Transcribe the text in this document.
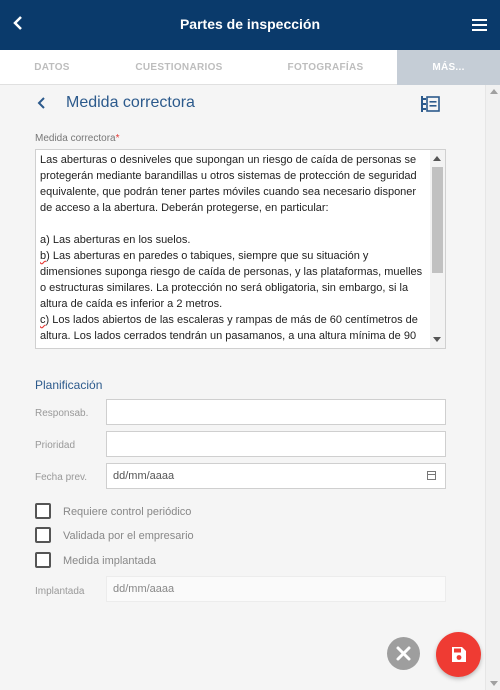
Partes de inspección
DATOS	CUESTIONARIOS	FOTOGRAFÍAS	MÁS...
Medida correctora
Medida correctora*
Las aberturas o desniveles que supongan un riesgo de caída de personas se protegerán mediante barandillas u otros sistemas de protección de seguridad equivalente, que podrán tener partes móviles cuando sea necesario disponer de acceso a la abertura. Deberán protegerse, en particular:

a) Las aberturas en los suelos.
b) Las aberturas en paredes o tabiques, siempre que su situación y dimensiones suponga riesgo de caída de personas, y las plataformas, muelles o estructuras similares. La protección no será obligatoria, sin embargo, si la altura de caída es inferior a 2 metros.
c) Los lados abiertos de las escaleras y rampas de más de 60 centímetros de altura. Los lados cerrados tendrán un pasamanos, a una altura mínima de 90
Planificación
Responsab.
Prioridad
Fecha prev.	dd/mm/aaaa
Requiere control periódico
Validada por el empresario
Medida implantada
Implantada	dd/mm/aaaa
